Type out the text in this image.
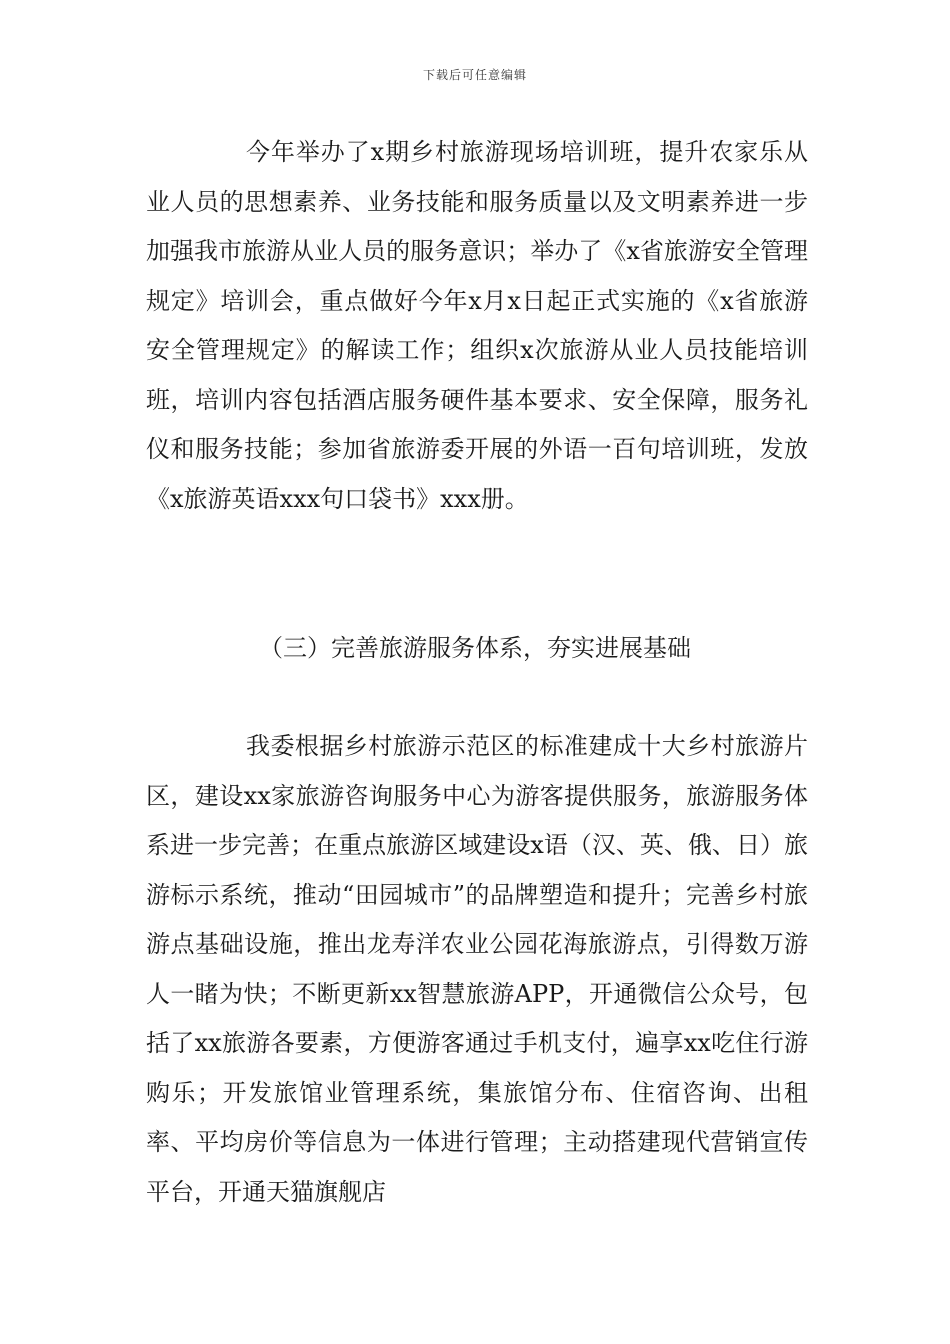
下载后可任意编辑

今年举办了x期乡村旅游现场培训班，提升农家乐从业人员的思想素养、业务技能和服务质量以及文明素养进一步加强我市旅游从业人员的服务意识；举办了《x省旅游安全管理规定》培训会，重点做好今年x月x日起正式实施的《x省旅游安全管理规定》的解读工作；组织x次旅游从业人员技能培训班，培训内容包括酒店服务硬件基本要求、安全保障，服务礼仪和服务技能；参加省旅游委开展的外语一百句培训班，发放《x旅游英语xxx句口袋书》xxx册。

（三）完善旅游服务体系，夯实进展基础

我委根据乡村旅游示范区的标准建成十大乡村旅游片区，建设xx家旅游咨询服务中心为游客提供服务，旅游服务体系进一步完善；在重点旅游区域建设x语（汉、英、俄、日）旅游标示系统，推动“田园城市”的品牌塑造和提升；完善乡村旅游点基础设施，推出龙寿洋农业公园花海旅游点，引得数万游人一睹为快；不断更新xx智慧旅游APP，开通微信公众号，包括了xx旅游各要素，方便游客通过手机支付，遍享xx吃住行游购乐；开发旅馆业管理系统，集旅馆分布、住宿咨询、出租率、平均房价等信息为一体进行管理；主动搭建现代营销宣传平台，开通天猫旗舰店
